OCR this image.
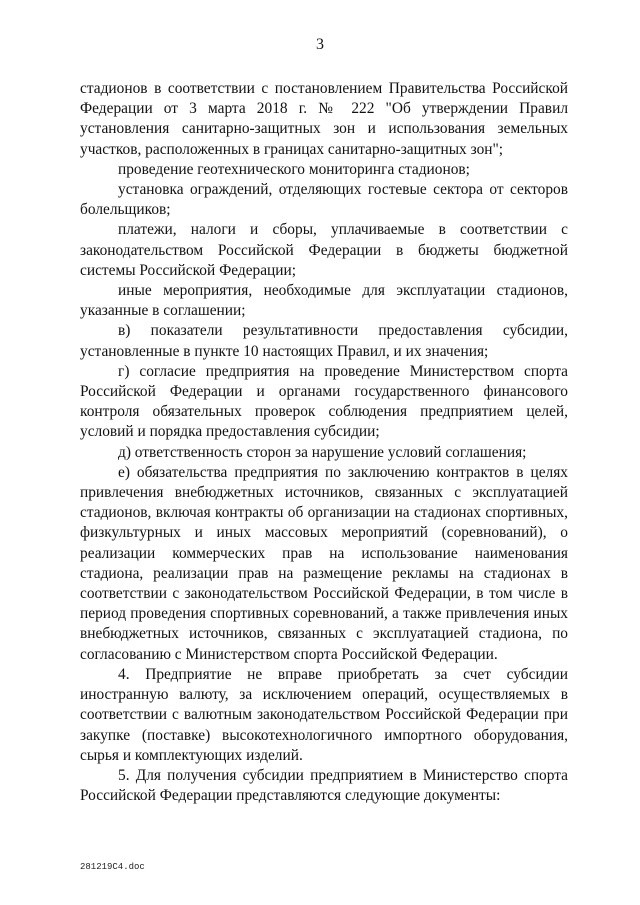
3

стадионов в соответствии с постановлением Правительства Российской Федерации от 3 марта 2018 г. № 222 "Об утверждении Правил установления санитарно-защитных зон и использования земельных участков, расположенных в границах санитарно-защитных зон";

проведение геотехнического мониторинга стадионов;

установка ограждений, отделяющих гостевые сектора от секторов болельщиков;

платежи, налоги и сборы, уплачиваемые в соответствии с законодательством Российской Федерации в бюджеты бюджетной системы Российской Федерации;

иные мероприятия, необходимые для эксплуатации стадионов, указанные в соглашении;

в) показатели результативности предоставления субсидии, установленные в пункте 10 настоящих Правил, и их значения;

г) согласие предприятия на проведение Министерством спорта Российской Федерации и органами государственного финансового контроля обязательных проверок соблюдения предприятием целей, условий и порядка предоставления субсидии;

д) ответственность сторон за нарушение условий соглашения;

е) обязательства предприятия по заключению контрактов в целях привлечения внебюджетных источников, связанных с эксплуатацией стадионов, включая контракты об организации на стадионах спортивных, физкультурных и иных массовых мероприятий (соревнований), о реализации коммерческих прав на использование наименования стадиона, реализации прав на размещение рекламы на стадионах в соответствии с законодательством Российской Федерации, в том числе в период проведения спортивных соревнований, а также привлечения иных внебюджетных источников, связанных с эксплуатацией стадиона, по согласованию с Министерством спорта Российской Федерации.

4. Предприятие не вправе приобретать за счет субсидии иностранную валюту, за исключением операций, осуществляемых в соответствии с валютным законодательством Российской Федерации при закупке (поставке) высокотехнологичного импортного оборудования, сырья и комплектующих изделий.

5. Для получения субсидии предприятием в Министерство спорта Российской Федерации представляются следующие документы:

281219C4.doc
